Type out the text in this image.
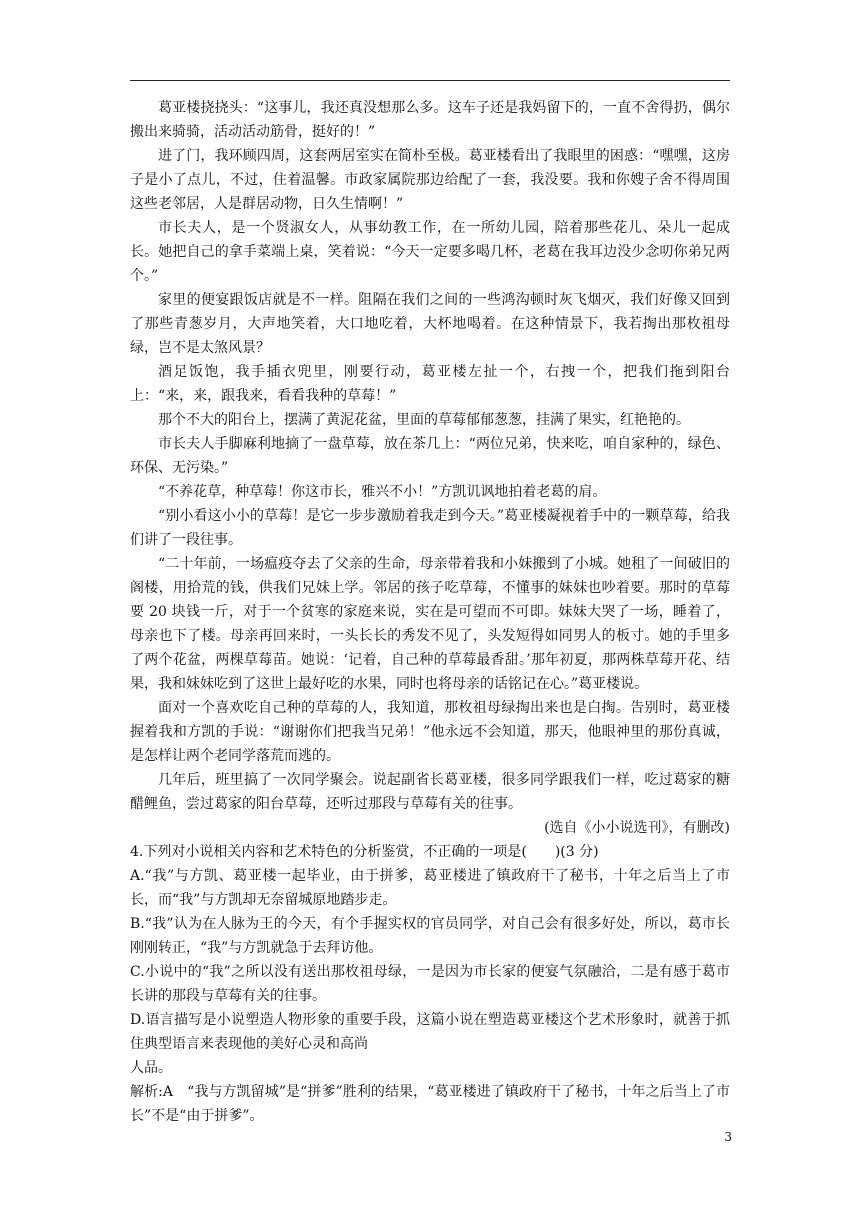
葛亚楼挠挠头：“这事儿，我还真没想那么多。这车子还是我妈留下的，一直不舍得扔，偶尔搬出来骑骑，活动活动筋骨，挺好的！”

进了门，我环顾四周，这套两居室实在简朴至极。葛亚楼看出了我眼里的困惑：“嘿嘿，这房子是小了点儿，不过，住着温馨。市政家属院那边给配了一套，我没要。我和你嫂子舍不得周围这些老邻居，人是群居动物，日久生情啊！”

市长夫人，是一个贤淑女人，从事幼教工作，在一所幼儿园，陪着那些花儿、朵儿一起成长。她把自己的拿手菜端上桌，笑着说：“今天一定要多喝几杯，老葛在我耳边没少念叨你弟兄两个。”

家里的便宴跟饭店就是不一样。阻隔在我们之间的一些鸿沟顿时灰飞烟灭，我们好像又回到了那些青葱岁月，大声地笑着，大口地吃着，大杯地喝着。在这种情景下，我若掏出那枚祖母绿，岂不是太煞风景？

酒足饭饱，我手插衣兜里，刚要行动，葛亚楼左扯一个，右拽一个，把我们拖到阳台上：“来，来，跟我来，看看我种的草莓！”

那个不大的阳台上，摆满了黄泥花盆，里面的草莓郁郁葱葱，挂满了果实，红艳艳的。

市长夫人手脚麻利地摘了一盘草莓，放在茶几上：“两位兄弟，快来吃，咱自家种的，绿色、环保、无污染。”

“不养花草，种草莓！你这市长，雅兴不小！”方凯讥讽地拍着老葛的肩。

“别小看这小小的草莓！是它一步步激励着我走到今天。”葛亚楼凝视着手中的一颗草莓，给我们讲了一段往事。

“二十年前，一场瘟疫夺去了父亲的生命，母亲带着我和小妹搬到了小城。她租了一间破旧的阁楼，用拾荒的钱，供我们兄妹上学。邻居的孩子吃草莓，不懂事的妹妹也吵着要。那时的草莓要 20 块钱一斤，对于一个贫寒的家庭来说，实在是可望而不可即。妹妹大哭了一场，睡着了，母亲也下了楼。母亲再回来时，一头长长的秀发不见了，头发短得如同男人的板寸。她的手里多了两个花盆，两棵草莓苗。她说：‘记着，自己种的草莓最香甜。’那年初夏，那两株草莓开花、结果，我和妹妹吃到了这世上最好吃的水果，同时也将母亲的话铭记在心。”葛亚楼说。

面对一个喜欢吃自己种的草莓的人，我知道，那枚祖母绿掏出来也是白掏。告别时，葛亚楼握着我和方凯的手说：“谢谢你们把我当兄弟！”他永远不会知道，那天，他眼神里的那份真诚，是怎样让两个老同学落荒而逃的。

几年后，班里搞了一次同学聚会。说起副省长葛亚楼，很多同学跟我们一样，吃过葛家的糖醋鲤鱼，尝过葛家的阳台草莓，还听过那段与草莓有关的往事。

(选自《小小说选刊》，有删改)

4.下列对小说相关内容和艺术特色的分析鉴赏，不正确的一项是(　　)(3 分)

A.“我”与方凯、葛亚楼一起毕业，由于拼爹，葛亚楼进了镇政府干了秘书，十年之后当上了市长，而“我”与方凯却无奈留城原地踏步走。

B.“我”认为在人脉为王的今天，有个手握实权的官员同学，对自己会有很多好处，所以，葛市长刚刚转正，“我”与方凯就急于去拜访他。

C.小说中的“我”之所以没有送出那枚祖母绿，一是因为市长家的便宴气氛融洽，二是有感于葛市长讲的那段与草莓有关的往事。

D.语言描写是小说塑造人物形象的重要手段，这篇小说在塑造葛亚楼这个艺术形象时，就善于抓住典型语言来表现他的美好心灵和高尚

人品。

解析:A　“我与方凯留城”是“拼爹”胜利的结果，“葛亚楼进了镇政府干了秘书，十年之后当上了市长”不是“由于拼爹”。

3
